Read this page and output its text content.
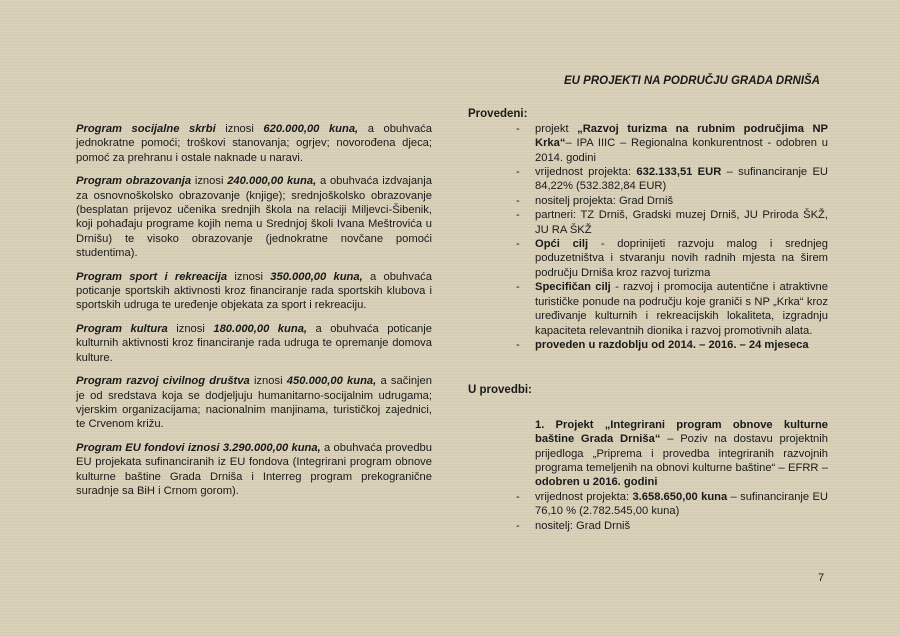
Program socijalne skrbi iznosi 620.000,00 kuna, a obuhvaća jednokratne pomoći; troškovi stanovanja; ogrjev; novorođena djeca; pomoć za prehranu i ostale naknade u naravi.

Program obrazovanja iznosi 240.000,00 kuna, a obuhvaća izdvajanja za osnovnoškolsko obrazovanje (knjige); srednjoškolsko obrazovanje (besplatan prijevoz učenika srednjih škola na relaciji Miljevci-Šibenik, koji pohađaju programe kojih nema u Srednjoj školi Ivana Meštrovića u Drnišu) te visoko obrazovanje (jednokratne novčane pomoći studentima).

Program sport i rekreacija iznosi 350.000,00 kuna, a obuhvaća poticanje sportskih aktivnosti kroz financiranje rada sportskih klubova i sportskih udruga te uređenje objekata za sport i rekreaciju.

Program kultura iznosi 180.000,00 kuna, a obuhvaća poticanje kulturnih aktivnosti kroz financiranje rada udruga te opremanje domova kulture.

Program razvoj civilnog društva iznosi 450.000,00 kuna, a sačinjen je od sredstava koja se dodjeljuju humanitarno-socijalnim udrugama; vjerskim organizacijama; nacionalnim manjinama, turističkoj zajednici, te Crvenom križu.

Program EU fondovi iznosi 3.290.000,00 kuna, a obuhvaća provedbu EU projekata sufinanciranih iz EU fondova (Integrirani program obnove kulturne baštine Grada Drniša i Interreg program prekogranične suradnje sa BiH i Crnom gorom).

EU PROJEKTI NA PODRUČJU GRADA DRNIŠA

Provedeni:

- projekt „Razvoj turizma na rubnim područjima NP Krka“– IPA IIIC – Regionalna konkurentnost - odobren u 2014. godini
- vrijednost projekta: 632.133,51 EUR – sufinanciranje EU 84,22% (532.382,84 EUR)
- nositelj projekta: Grad Drniš
- partneri: TZ Drniš, Gradski muzej Drniš, JU Priroda ŠKŽ, JU RA ŠKŽ
- Opći cilj - doprinijeti razvoju malog i srednjeg poduzetništva i stvaranju novih radnih mjesta na širem području Drniša kroz razvoj turizma
- Specifičan cilj - razvoj i promocija autentične i atraktivne turističke ponude na području koje graniči s NP „Krka“ kroz uređivanje kulturnih i rekreacijskih lokaliteta, izgradnju kapaciteta relevantnih dionika i razvoj promotivnih alata.
- proveden u razdoblju od 2014. – 2016. – 24 mjeseca

U provedbi:

1. Projekt „Integrirani program obnove kulturne baštine Grada Drniša“ – Poziv na dostavu projektnih prijedloga „Priprema i provedba integriranih razvojnih programa temeljenih na obnovi kulturne baštine“ – EFRR – odobren u 2016. godini

- vrijednost projekta: 3.658.650,00 kuna – sufinanciranje EU 76,10 % (2.782.545,00 kuna)
- nositelj: Grad Drniš
7
